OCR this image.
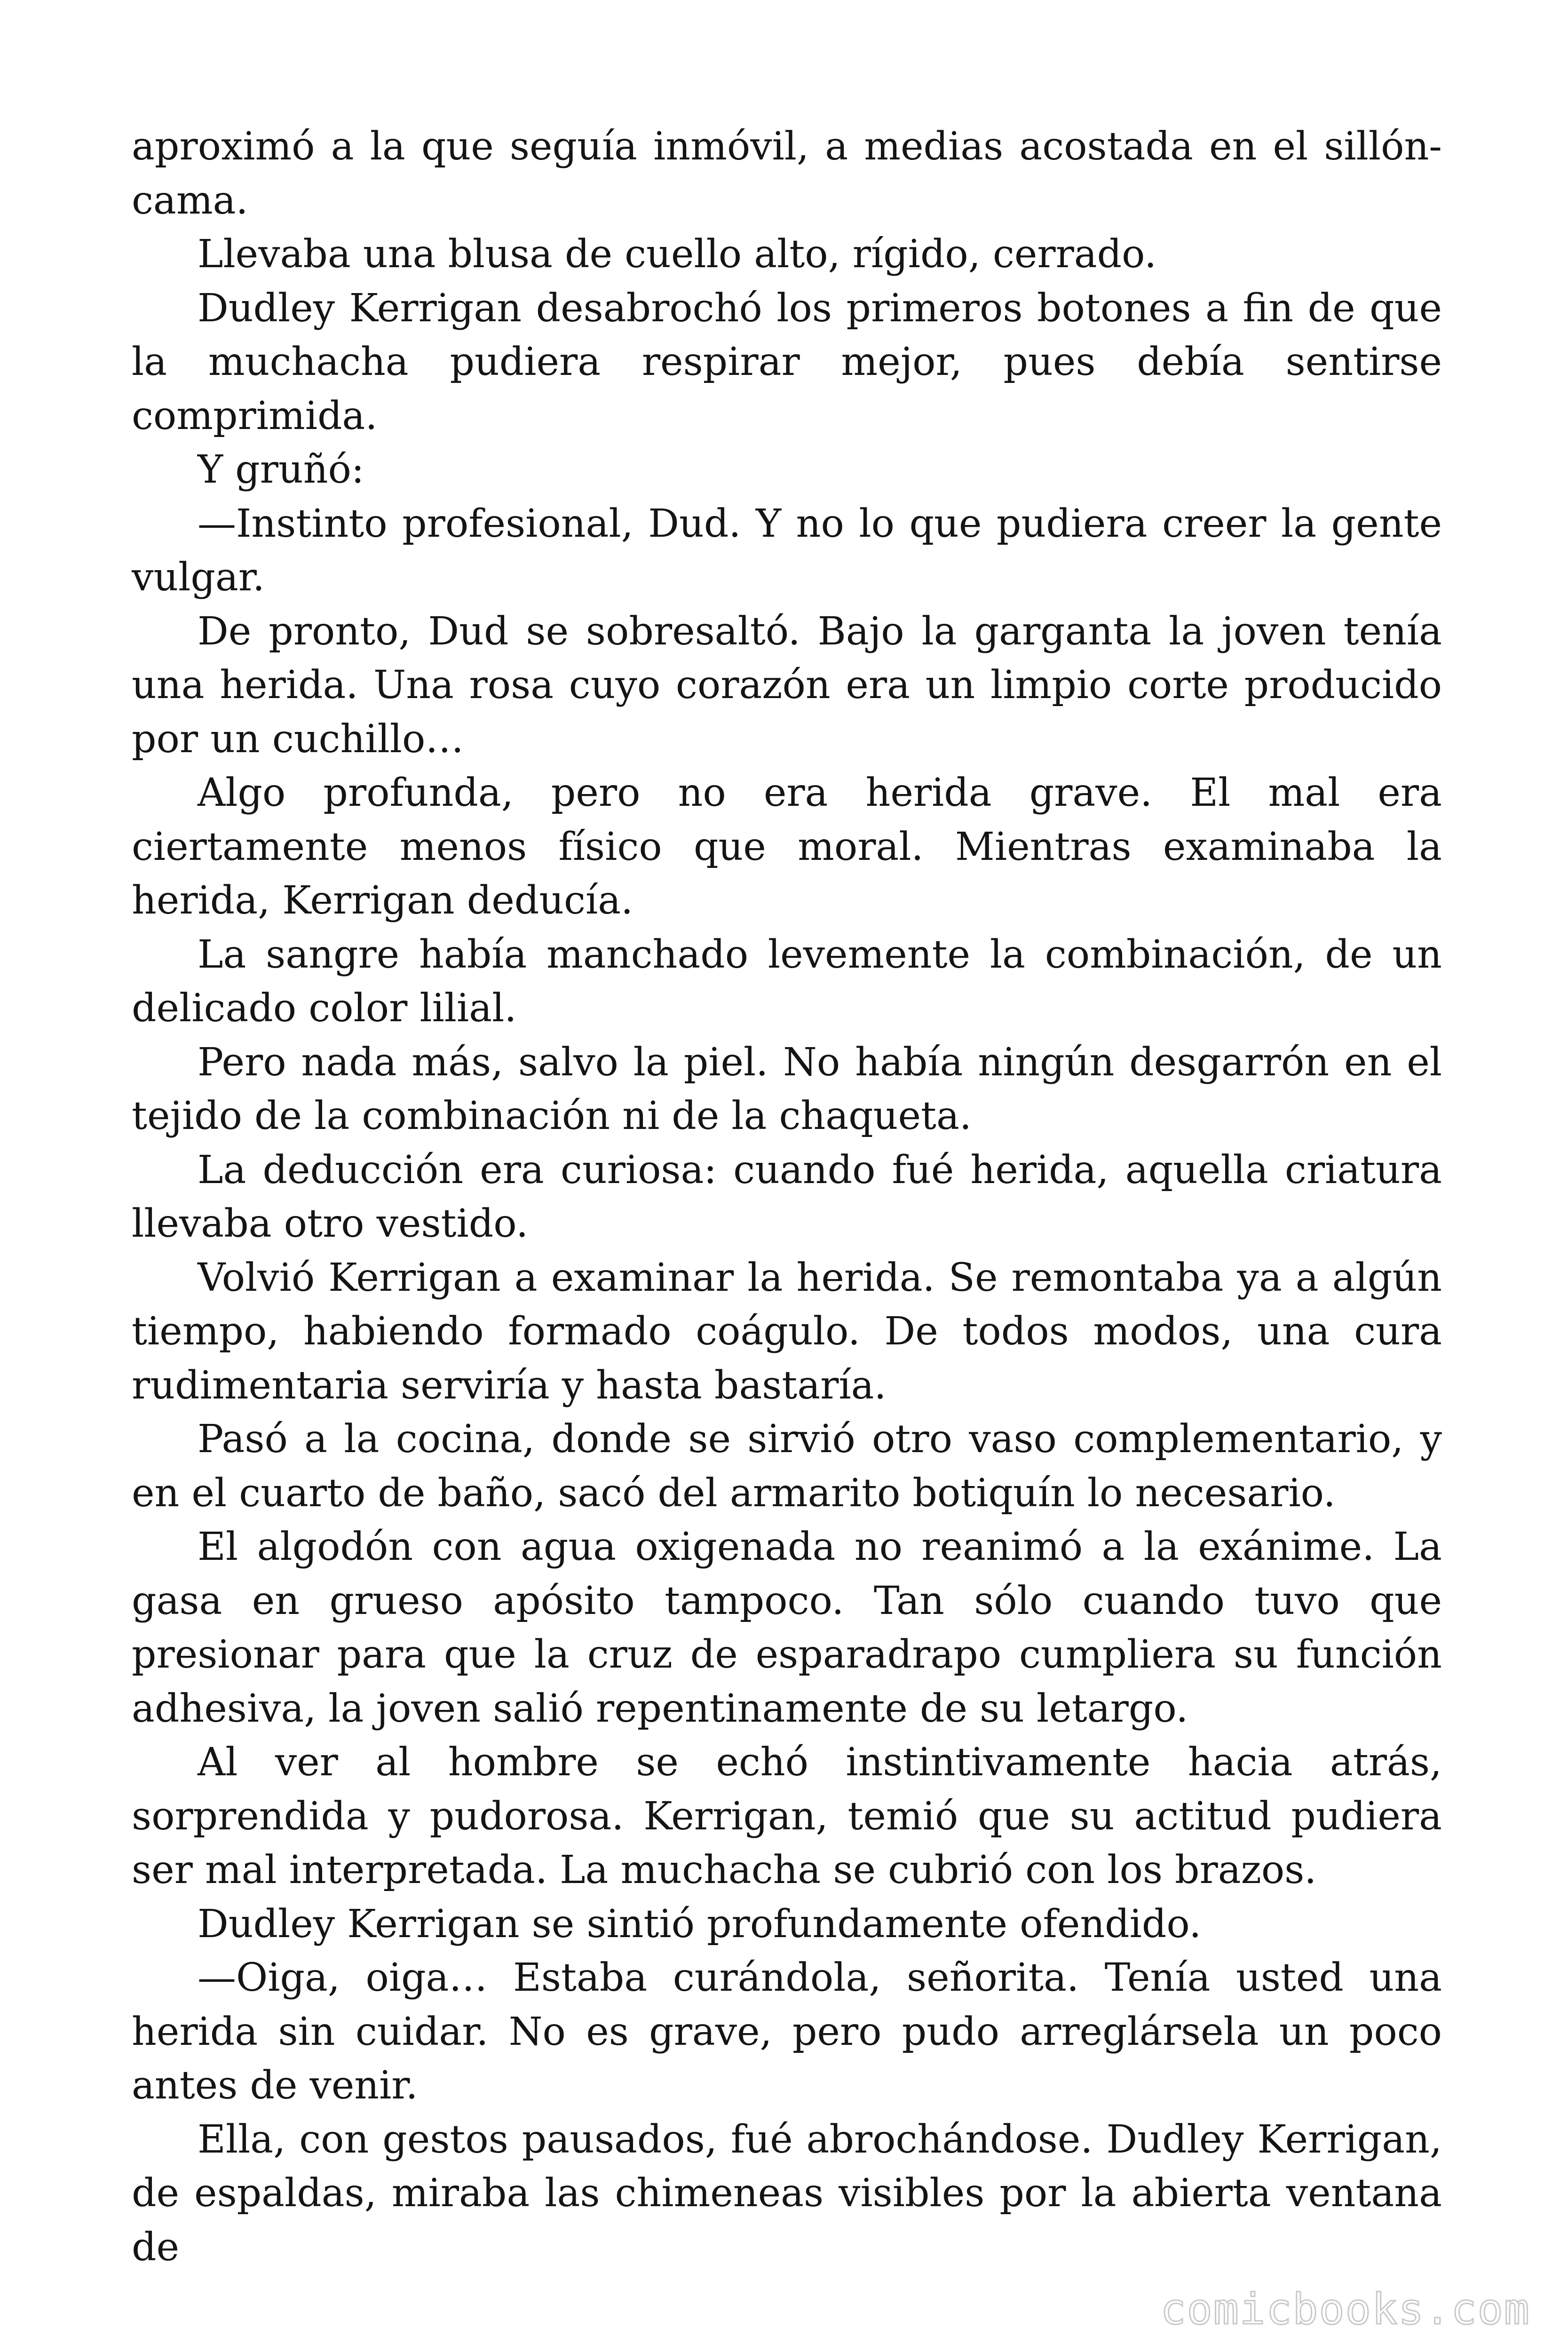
aproximó a la que seguía inmóvil, a medias acostada en el sillón-cama.

Llevaba una blusa de cuello alto, rígido, cerrado.

Dudley Kerrigan desabrochó los primeros botones a fin de que la muchacha pudiera respirar mejor, pues debía sentirse comprimida.

Y gruñó:

—Instinto profesional, Dud. Y no lo que pudiera creer la gente vulgar.

De pronto, Dud se sobresaltó. Bajo la garganta la joven tenía una herida. Una rosa cuyo corazón era un limpio corte producido por un cuchillo…

Algo profunda, pero no era herida grave. El mal era ciertamente menos físico que moral. Mientras examinaba la herida, Kerrigan deducía.

La sangre había manchado levemente la combinación, de un delicado color lilial.

Pero nada más, salvo la piel. No había ningún desgarrón en el tejido de la combinación ni de la chaqueta.

La deducción era curiosa: cuando fué herida, aquella criatura llevaba otro vestido.

Volvió Kerrigan a examinar la herida. Se remontaba ya a algún tiempo, habiendo formado coágulo. De todos modos, una cura rudimentaria serviría y hasta bastaría.

Pasó a la cocina, donde se sirvió otro vaso complementario, y en el cuarto de baño, sacó del armarito botiquín lo necesario.

El algodón con agua oxigenada no reanimó a la exánime. La gasa en grueso apósito tampoco. Tan sólo cuando tuvo que presionar para que la cruz de esparadrapo cumpliera su función adhesiva, la joven salió repentinamente de su letargo.

Al ver al hombre se echó instintivamente hacia atrás, sorprendida y pudorosa. Kerrigan, temió que su actitud pudiera ser mal interpretada. La muchacha se cubrió con los brazos.

Dudley Kerrigan se sintió profundamente ofendido.

—Oiga, oiga… Estaba curándola, señorita. Tenía usted una herida sin cuidar. No es grave, pero pudo arreglársela un poco antes de venir.

Ella, con gestos pausados, fué abrochándose. Dudley Kerrigan, de espaldas, miraba las chimeneas visibles por la abierta ventana de

comicbooks.com
